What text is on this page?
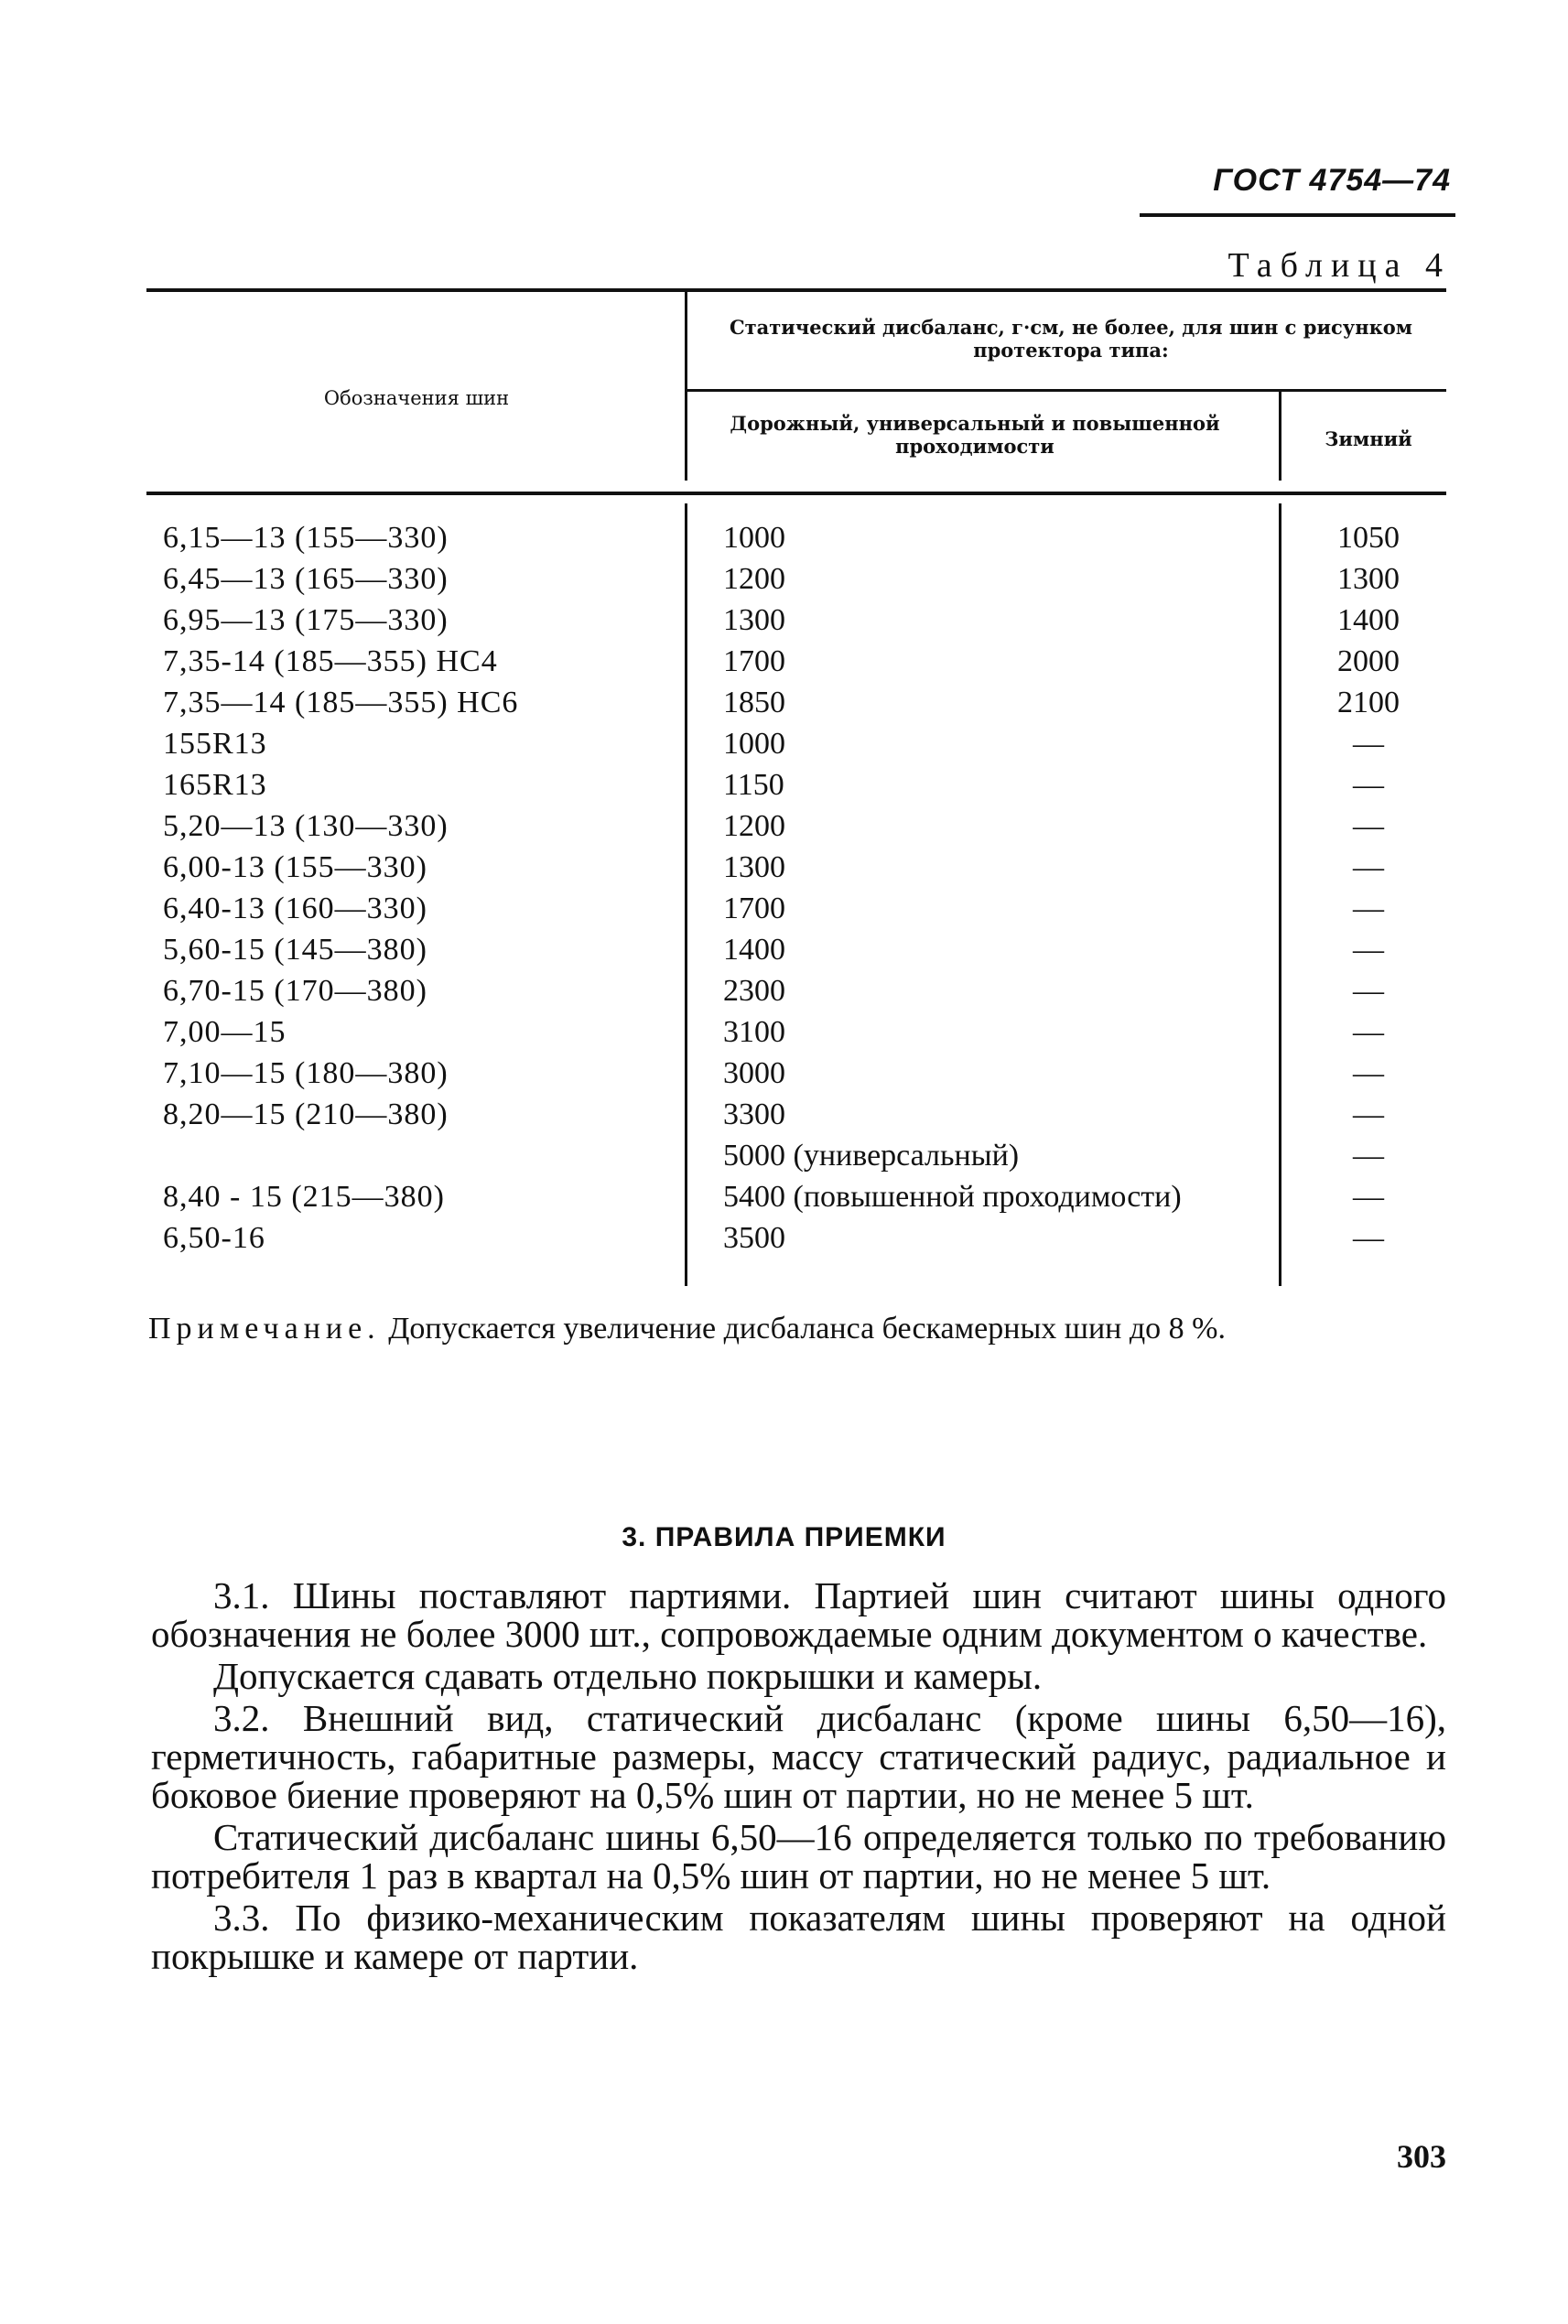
ГОСТ 4754—74
Таблица 4
Обозначения шин
Статический дисбаланс, г·см, не более, для шин с рисунком протектора типа:
Дорожный, универсальный и повышенной проходимости	Зимний
6,15—13 (155—330)
6,45—13 (165—330)
6,95—13 (175—330)
7,35-14 (185—355) НС4
7,35—14 (185—355) НС6
155R13
165R13
5,20—13 (130—330)
6,00-13 (155—330)
6,40-13 (160—330)
5,60-15 (145—380)
6,70-15 (170—380)
7,00—15
7,10—15 (180—380)
8,20—15 (210—380)
8,40 - 15 (215—380)
6,50-16
1000
1200
1300
1700
1850
1000
1150
1200
1300
1700
1400
2300
3100
3000
3300
5000 (универсальный)
5400 (повышенной проходимости)
3500
1050
1300
1400
2000
2100
—
—
—
—
—
—
—
—
—
—
—
—
—
Примечание. Допускается увеличение дисбаланса бескамерных шин до 8 %.
3. ПРАВИЛА ПРИЕМКИ

3.1. Шины поставляют партиями. Партией шин считают шины одного обозначения не более 3000 шт., сопровождаемые одним документом о качестве.

Допускается сдавать отдельно покрышки и камеры.

3.2. Внешний вид, статический дисбаланс (кроме шины 6,50—16), герметичность, габаритные размеры, массу статический радиус, радиальное и боковое биение проверяют на 0,5% шин от партии, но не менее 5 шт.

Статический дисбаланс шины 6,50—16 определяется только по требованию потребителя 1 раз в квартал на 0,5% шин от партии, но не менее 5 шт.

3.3. По физико-механическим показателям шины проверяют на одной покрышке и камере от партии.

303
